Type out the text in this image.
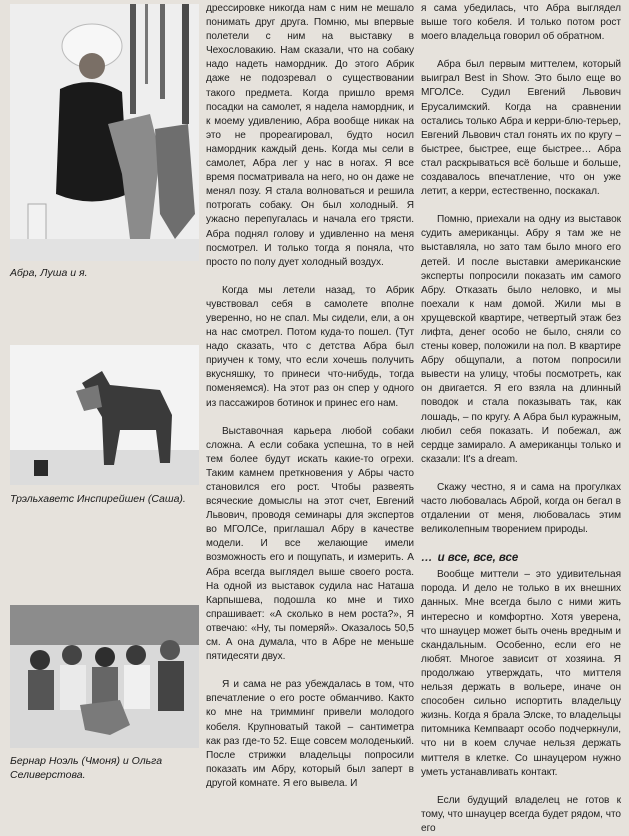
Абра, Луша и я.
Трэльхаветс Инспирейшен (Саша).
Бернар Ноэль (Чмоня) и Ольга Селиверстова.

дрессировке никогда нам с ним не мешало понимать друг друга. Помню, мы впервые полетели с ним на выставку в Чехословакию. Нам сказали, что на собаку надо надеть намордник. До этого Абрик даже не подозревал о существовании такого предмета. Когда пришло время посадки на самолет, я надела намордник, и к моему удивлению, Абра вообще никак на это не прореагировал, будто носил намордник каждый день. Когда мы сели в самолет, Абра лег у нас в ногах. Я все время посматривала на него, но он даже не менял позу. Я стала волноваться и решила потрогать собаку. Он был холодный. Я ужасно перепугалась и начала его трясти. Абра поднял голову и удивленно на меня посмотрел. И только тогда я поняла, что просто по полу дует холодный воздух.

Когда мы летели назад, то Абрик чувствовал себя в самолете вполне уверенно, но не спал. Мы сидели, ели, а он на нас смотрел. Потом куда-то пошел. (Тут надо сказать, что с детства Абра был приучен к тому, что если хочешь получить вкусняшку, то принеси что-нибудь, тогда поменяемся). На этот раз он спер у одного из пассажиров ботинок и принес его нам.

Выставочная карьера любой собаки сложна. А если собака успешна, то в ней тем более будут искать какие-то огрехи. Таким камнем преткновения у Абры часто становился его рост. Чтобы развеять всяческие домыслы на этот счет, Евгений Львович, проводя семинары для экспертов во МГОЛСе, приглашал Абру в качестве модели. И все желающие имели возможность его и пощупать, и измерить. А Абра всегда выглядел выше своего роста. На одной из выставок судила нас Наташа Карпышева, подошла ко мне и тихо спрашивает: «А сколько в нем роста?», Я отвечаю: «Ну, ты померяй». Оказалось 50,5 см. А она думала, что в Абре не меньше пятидесяти двух.

Я и сама не раз убеждалась в том, что впечатление о его росте обманчиво. Както ко мне на тримминг привели молодого кобеля. Крупноватый такой – сантиметра как раз где-то 52. Еще совсем молоденький. После стрижки владельцы попросили показать им Абру, который был заперт в другой комнате. Я его вывела. И

я сама убедилась, что Абра выглядел выше того кобеля. И только потом рост моего владельца говорил об обратном.

Абра был первым миттелем, который выиграл Best in Show. Это было еще во МГОЛСе. Судил Евгений Львович Ерусалимский. Когда на сравнении остались только Абра и керри-блю-терьер, Евгений Львович стал гонять их по кругу – быстрее, быстрее, еще быстрее… Абра стал раскрываться всё больше и больше, создавалось впечатление, что он уже летит, а керри, естественно, поскакал.

Помню, приехали на одну из выставок судить американцы. Абру я там же не выставляла, но зато там было много его детей. И после выставки американские эксперты попросили показать им самого Абру. Отказать было неловко, и мы поехали к нам домой. Жили мы в хрущевской квартире, четвертый этаж без лифта, денег особо не было, сняли со стены ковер, положили на пол. В квартире Абру общупали, а потом попросили вывести на улицу, чтобы посмотреть, как он двигается. Я его взяла на длинный поводок и стала показывать так, как лошадь, – по кругу. А Абра был куражным, любил себя показать. И побежал, аж сердце замирало. А американцы только и сказали: It's a dream.

Скажу честно, я и сама на прогулках часто любовалась Аброй, когда он бегал в отдалении от меня, любовалась этим великолепным творением природы.

… и все, все, все

Вообще миттели – это удивительная порода. И дело не только в их внешних данных. Мне всегда было с ними жить интересно и комфортно. Хотя уверена, что шнауцер может быть очень вредным и скандальным. Особенно, если его не любят. Многое зависит от хозяина. Я продолжаю утверждать, что миттеля нельзя держать в вольере, иначе он способен сильно испортить владельцу жизнь. Когда я брала Элске, то владельцы питомника Кемпваарт особо подчеркнули, что ни в коем случае нельзя держать миттеля в клетке. Со шнауцером нужно уметь устанавливать контакт.

Если будущий владелец не готов к тому, что шнауцер всегда будет рядом, что его
